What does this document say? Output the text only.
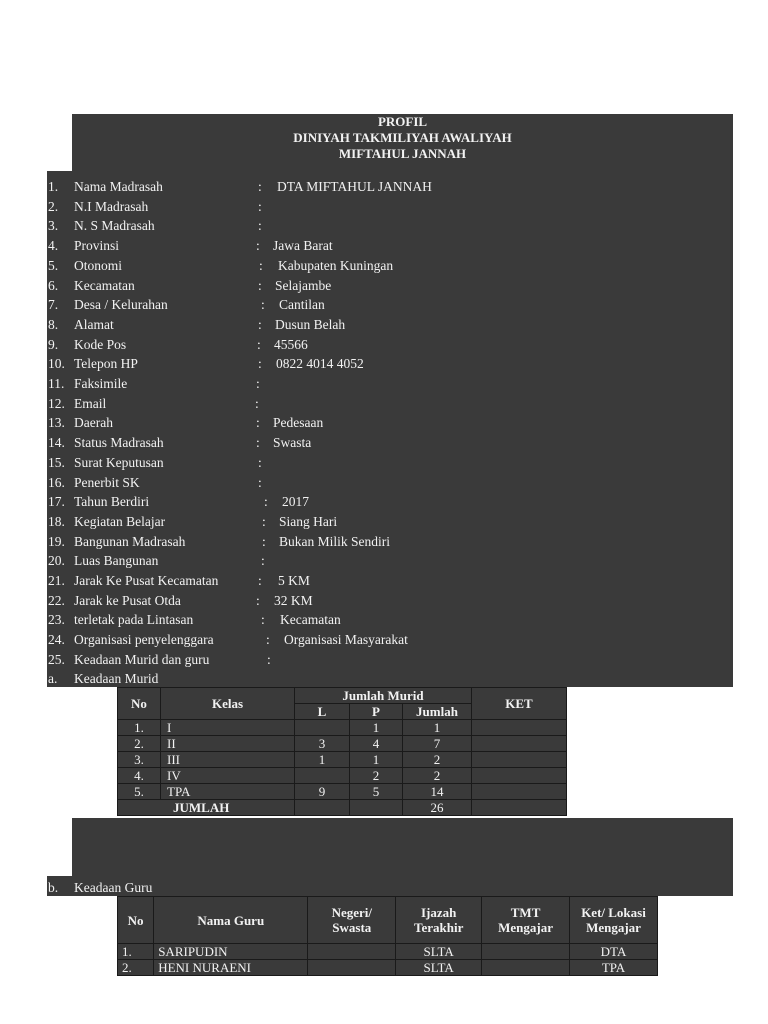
PROFIL
DINIYAH TAKMILIYAH AWALIYAH
MIFTAHUL JANNAH
1. Nama Madrasah	: DTA MIFTAHUL JANNAH
2. N.I Madrasah	:
3. N. S Madrasah	:
4. Provinsi	: Jawa Barat
5. Otonomi	: Kabupaten Kuningan
6. Kecamatan	: Selajambe
7. Desa / Kelurahan	: Cantilan
8. Alamat	: Dusun Belah
9. Kode Pos	: 45566
10. Telepon HP	: 0822 4014 4052
11. Faksimile	:
12. Email	:
13. Daerah	: Pedesaan
14. Status Madrasah	: Swasta
15. Surat Keputusan	:
16. Penerbit SK	:
17. Tahun Berdiri	: 2017
18. Kegiatan Belajar	: Siang Hari
19. Bangunan Madrasah	: Bukan Milik Sendiri
20. Luas Bangunan	:
21. Jarak Ke Pusat Kecamatan	: 5 KM
22. Jarak ke Pusat Otda	: 32 KM
23. terletak pada Lintasan	: Kecamatan
24. Organisasi penyelenggara	: Organisasi Masyarakat
25. Keadaan Murid dan guru	:
a. Keadaan Murid
No	Kelas	Jumlah Murid			KET
		L	P	Jumlah	
1.	I		1	1	
2.	II	3	4	7	
3.	III	1	1	2	
4.	IV		2	2	
5.	TPA	9	5	14	
JUMLAH				26	
b. Keadaan Guru
No	Nama Guru	Negeri/ Swasta	Ijazah Terakhir	TMT Mengajar	Ket/ Lokasi Mengajar
1.	SARIPUDIN		SLTA		DTA
2.	HENI NURAENI		SLTA		TPA
